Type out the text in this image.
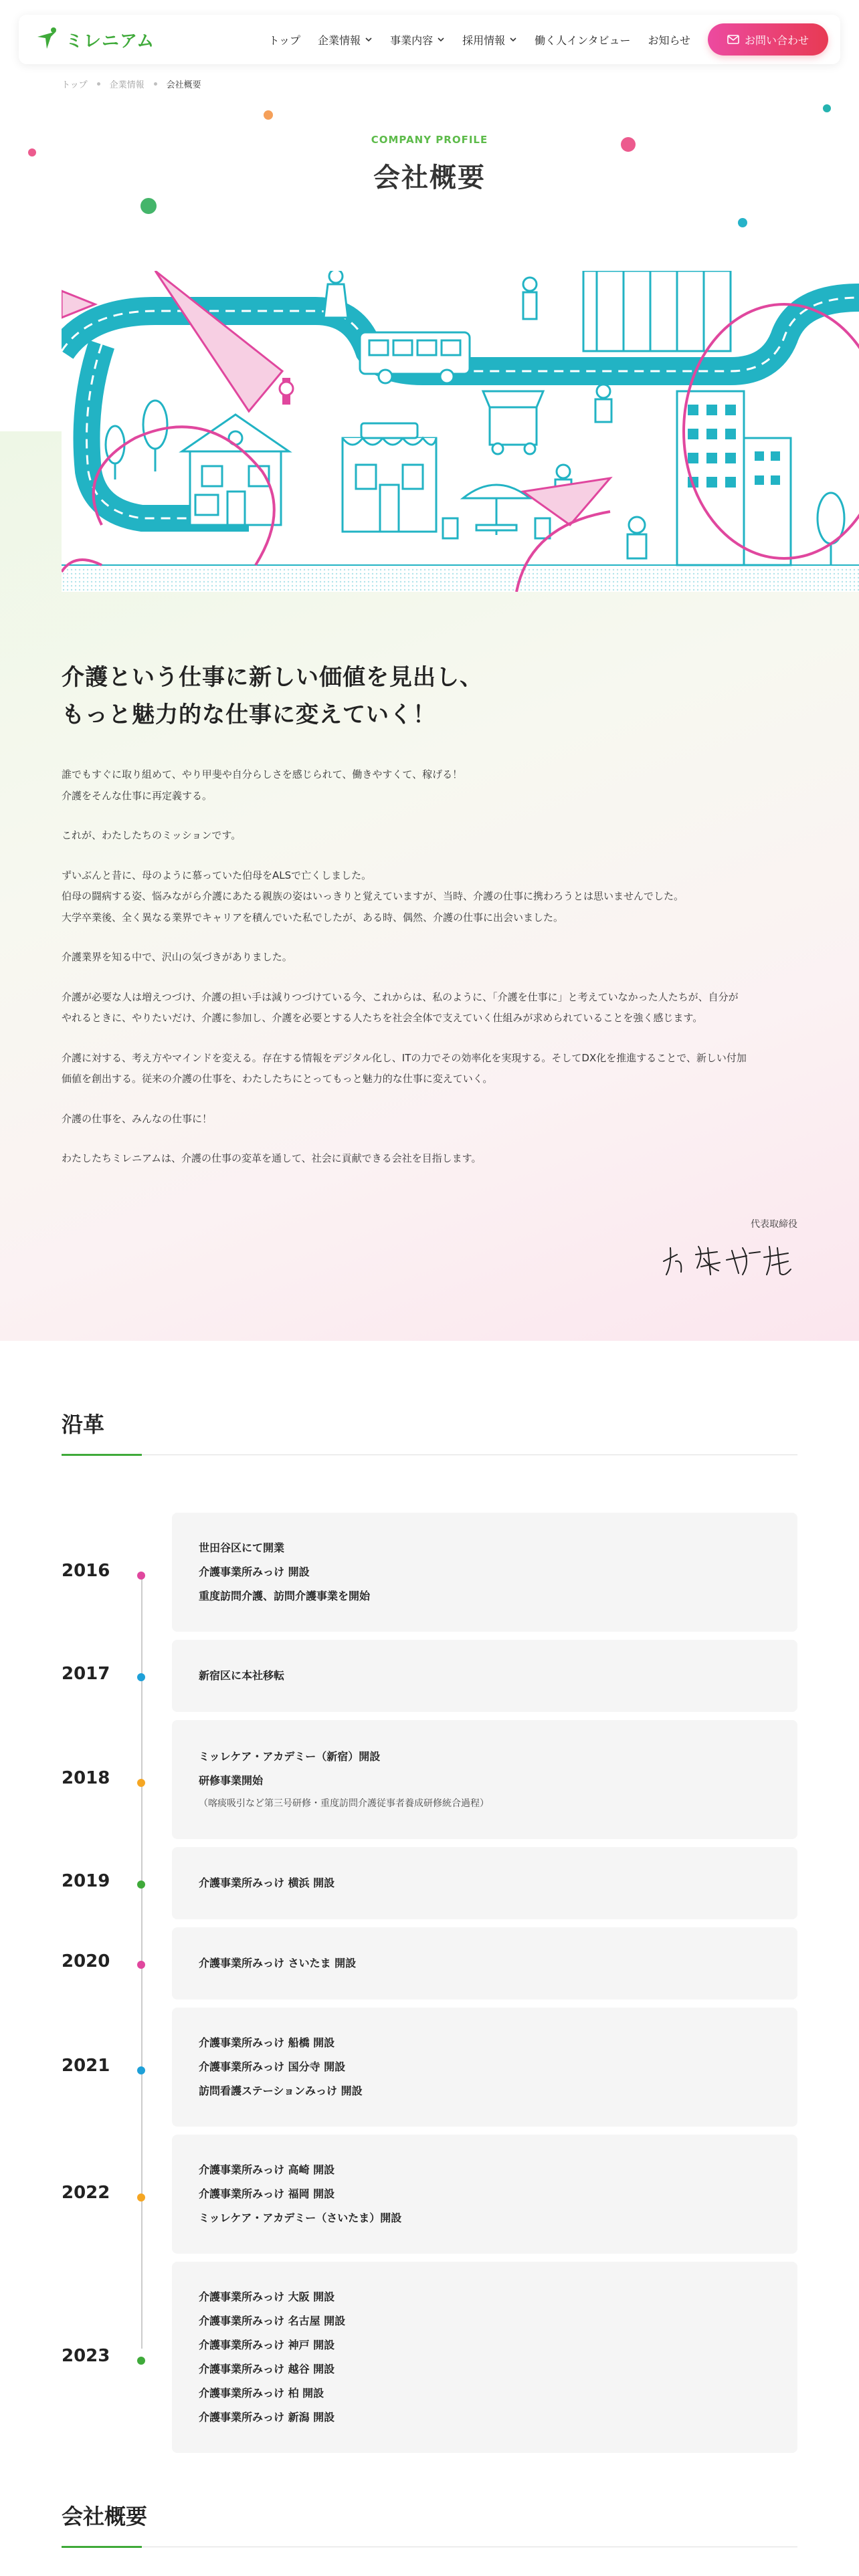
ミレニアム	トップ 企業情報	事業内容	採用情報	働く人インタビュー お知らせ	お問い合わせ
トップ	企業情報	会社概要
COMPANY PROFILE
会社概要
介護という仕事に新しい価値を見出し、
もっと魅力的な仕事に変えていく！

誰でもすぐに取り組めて、やり甲斐や自分らしさを感じられて、働きやすくて、稼げる！
介護をそんな仕事に再定義する。

これが、わたしたちのミッションです。

ずいぶんと昔に、母のように慕っていた伯母をALSで亡くしました。
伯母の闘病する姿、悩みながら介護にあたる親族の姿はいっきりと覚えていますが、当時、介護の仕事に携わろうとは思いませんでした。
大学卒業後、全く異なる業界でキャリアを積んでいた私でしたが、ある時、偶然、介護の仕事に出会いました。

介護業界を知る中で、沢山の気づきがありました。

介護が必要な人は増えつづけ、介護の担い手は減りつづけている今、これからは、私のように、「介護を仕事に」と考えていなかった人たちが、自分が
やれるときに、やりたいだけ、介護に参加し、介護を必要とする人たちを社会全体で支えていく仕組みが求められていることを強く感じます。

介護に対する、考え方やマインドを変える。存在する情報をデジタル化し、ITの力でその効率化を実現する。そしてDX化を推進することで、新しい付加
価値を創出する。従来の介護の仕事を、わたしたちにとってもっと魅力的な仕事に変えていく。

介護の仕事を、みんなの仕事に！

わたしたちミレニアムは、介護の仕事の変革を通して、社会に貢献できる会社を目指します。

代表取締役
沿革
2016
世田谷区にて開業
介護事業所みっけ 開設
重度訪問介護、訪問介護事業を開始
2017	新宿区に本社移転
2018
ミッレケア・アカデミー（新宿）開設
研修事業開始
（喀痰吸引など第三号研修・重度訪問介護従事者養成研修統合過程）
2019	介護事業所みっけ 横浜 開設
2020	介護事業所みっけ さいたま 開設
2021
介護事業所みっけ 船橋 開設
介護事業所みっけ 国分寺 開設
訪問看護ステーションみっけ 開設
2022
介護事業所みっけ 高崎 開設
介護事業所みっけ 福岡 開設
ミッレケア・アカデミー（さいたま）開設
2023
介護事業所みっけ 大阪 開設
介護事業所みっけ 名古屋 開設
介護事業所みっけ 神戸 開設
介護事業所みっけ 越谷 開設
介護事業所みっけ 柏 開設
介護事業所みっけ 新潟 開設
会社概要
